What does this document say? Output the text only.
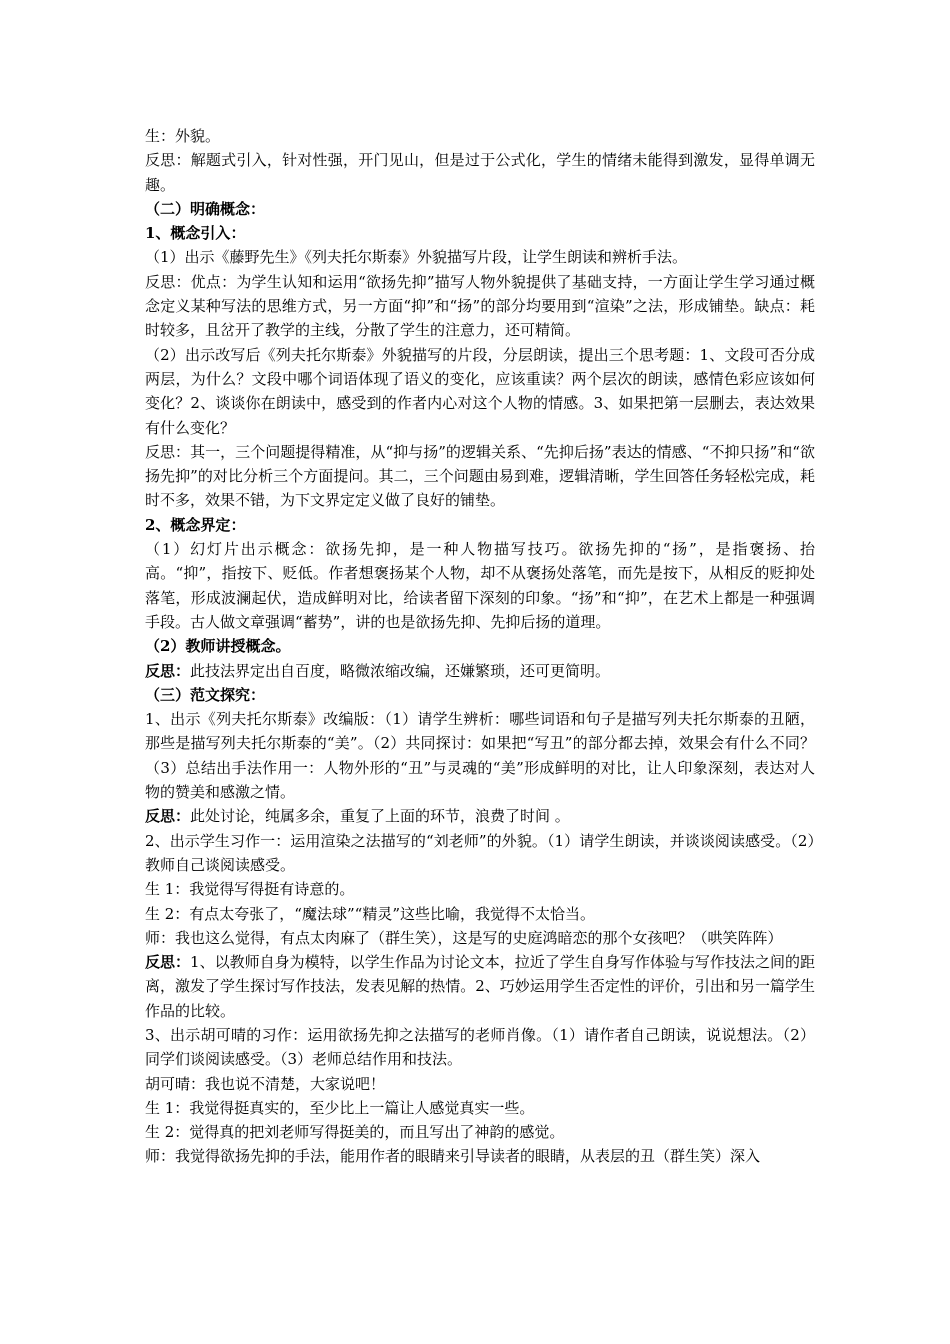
生：外貌。

反思：解题式引入，针对性强，开门见山，但是过于公式化，学生的情绪未能得到激发，显得单调无趣。

（二）明确概念：

1、概念引入：

（1）出示《藤野先生》《列夫托尔斯泰》外貌描写片段，让学生朗读和辨析手法。

反思：优点：为学生认知和运用“欲扬先抑”描写人物外貌提供了基础支持，一方面让学生学习通过概念定义某种写法的思维方式，另一方面“抑”和“扬”的部分均要用到“渲染”之法，形成铺垫。缺点：耗时较多，且岔开了教学的主线，分散了学生的注意力，还可精简。

（2）出示改写后《列夫托尔斯泰》外貌描写的片段，分层朗读，提出三个思考题：1、文段可否分成两层，为什么？文段中哪个词语体现了语义的变化，应该重读？两个层次的朗读，感情色彩应该如何变化？2、谈谈你在朗读中，感受到的作者内心对这个人物的情感。3、如果把第一层删去，表达效果有什么变化？

反思：其一，三个问题提得精准，从“抑与扬”的逻辑关系、“先抑后扬”表达的情感、“不抑只扬”和“欲扬先抑”的对比分析三个方面提问。其二，三个问题由易到难，逻辑清晰，学生回答任务轻松完成，耗时不多，效果不错，为下文界定定义做了良好的铺垫。

2、概念界定：

（1）幻灯片出示概念：欲扬先抑，是一种人物描写技巧。欲扬先抑的“扬”，是指褒扬、抬高。“抑”，指按下、贬低。作者想褒扬某个人物，却不从褒扬处落笔，而先是按下，从相反的贬抑处落笔，形成波澜起伏，造成鲜明对比，给读者留下深刻的印象。“扬”和“抑”，在艺术上都是一种强调手段。古人做文章强调“蓄势”，讲的也是欲扬先抑、先抑后扬的道理。

（2）教师讲授概念。

反思：此技法界定出自百度，略微浓缩改编，还嫌繁琐，还可更简明。

（三）范文探究：

1、出示《列夫托尔斯泰》改编版：（1）请学生辨析：哪些词语和句子是描写列夫托尔斯泰的丑陋，那些是描写列夫托尔斯泰的“美”。（2）共同探讨：如果把“写丑”的部分都去掉，效果会有什么不同？（3）总结出手法作用一：人物外形的“丑”与灵魂的“美”形成鲜明的对比，让人印象深刻，表达对人物的赞美和感激之情。

反思：此处讨论，纯属多余，重复了上面的环节，浪费了时间 。

2、出示学生习作一：运用渲染之法描写的“刘老师”的外貌。（1）请学生朗读，并谈谈阅读感受。（2）教师自己谈阅读感受。

生 1：我觉得写得挺有诗意的。

生 2：有点太夸张了，“魔法球”“精灵”这些比喻，我觉得不太恰当。

师：我也这么觉得，有点太肉麻了（群生笑），这是写的史庭鸿暗恋的那个女孩吧？（哄笑阵阵）

反思：1、以教师自身为模特，以学生作品为讨论文本，拉近了学生自身写作体验与写作技法之间的距离，激发了学生探讨写作技法，发表见解的热情。2、巧妙运用学生否定性的评价，引出和另一篇学生作品的比较。

3、出示胡可晴的习作：运用欲扬先抑之法描写的老师肖像。（1）请作者自己朗读，说说想法。（2）同学们谈阅读感受。（3）老师总结作用和技法。

胡可晴：我也说不清楚，大家说吧！

生 1：我觉得挺真实的，至少比上一篇让人感觉真实一些。

生 2：觉得真的把刘老师写得挺美的，而且写出了神韵的感觉。

师：我觉得欲扬先抑的手法，能用作者的眼睛来引导读者的眼睛，从表层的丑（群生笑）深入
